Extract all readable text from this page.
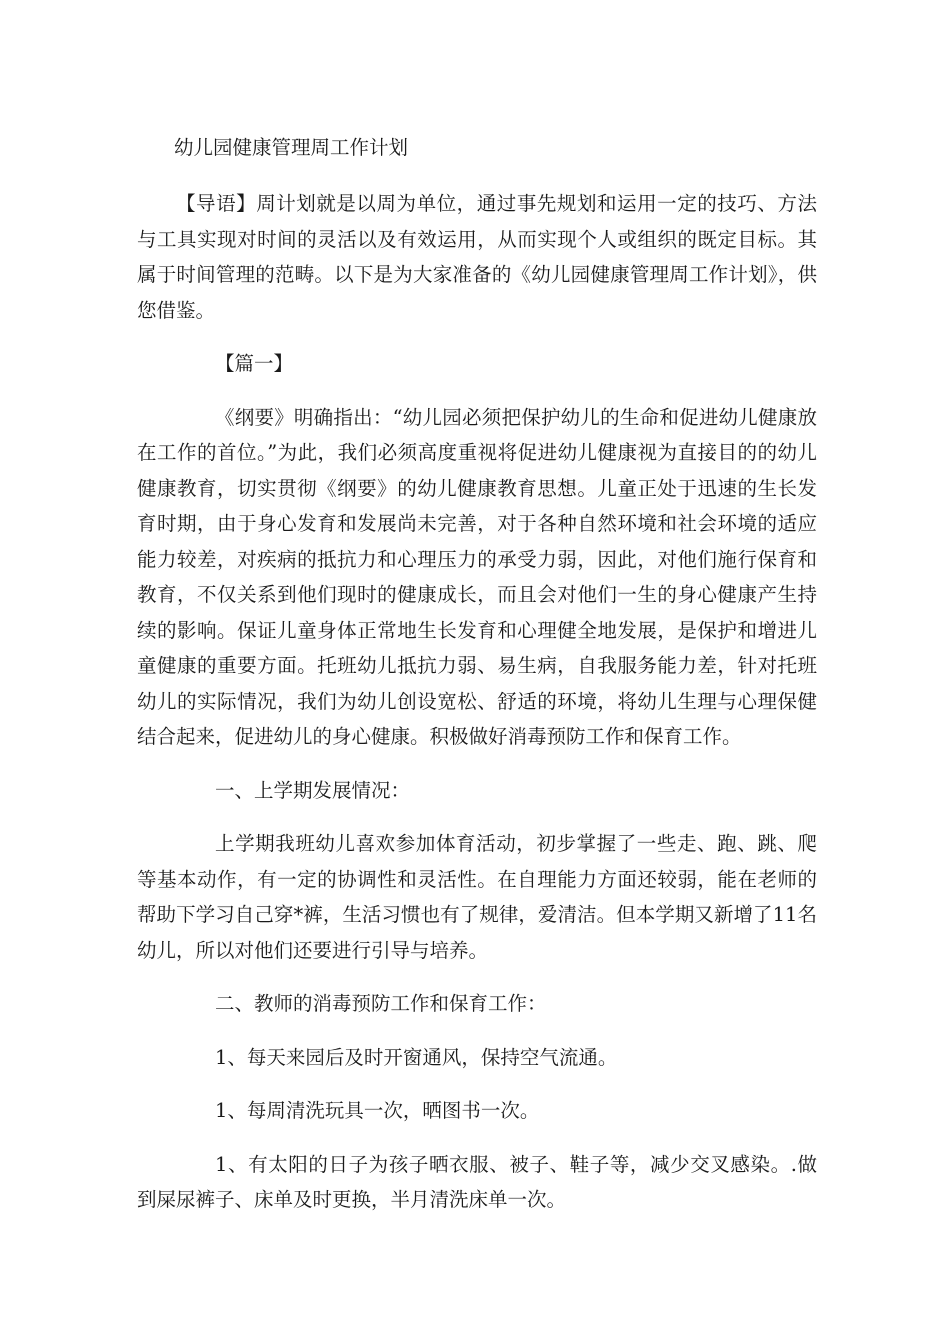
幼儿园健康管理周工作计划

【导语】周计划就是以周为单位，通过事先规划和运用一定的技巧、方法与工具实现对时间的灵活以及有效运用，从而实现个人或组织的既定目标。其属于时间管理的范畴。以下是为大家准备的《幼儿园健康管理周工作计划》，供您借鉴。

【篇一】

《纲要》明确指出：“幼儿园必须把保护幼儿的生命和促进幼儿健康放在工作的首位。”为此，我们必须高度重视将促进幼儿健康视为直接目的的幼儿健康教育，切实贯彻《纲要》的幼儿健康教育思想。儿童正处于迅速的生长发育时期，由于身心发育和发展尚未完善，对于各种自然环境和社会环境的适应能力较差，对疾病的抵抗力和心理压力的承受力弱，因此，对他们施行保育和教育，不仅关系到他们现时的健康成长，而且会对他们一生的身心健康产生持续的影响。保证儿童身体正常地生长发育和心理健全地发展，是保护和增进儿童健康的重要方面。托班幼儿抵抗力弱、易生病，自我服务能力差，针对托班幼儿的实际情况，我们为幼儿创设宽松、舒适的环境，将幼儿生理与心理保健结合起来，促进幼儿的身心健康。积极做好消毒预防工作和保育工作。

一、上学期发展情况：

上学期我班幼儿喜欢参加体育活动，初步掌握了一些走、跑、跳、爬等基本动作，有一定的协调性和灵活性。在自理能力方面还较弱，能在老师的帮助下学习自己穿*裤，生活习惯也有了规律，爱清洁。但本学期又新增了11名幼儿，所以对他们还要进行引导与培养。

二、教师的消毒预防工作和保育工作：

1、每天来园后及时开窗通风，保持空气流通。

1、每周清洗玩具一次，晒图书一次。

1、有太阳的日子为孩子晒衣服、被子、鞋子等，减少交叉感染。.做到屎尿裤子、床单及时更换，半月清洗床单一次。
